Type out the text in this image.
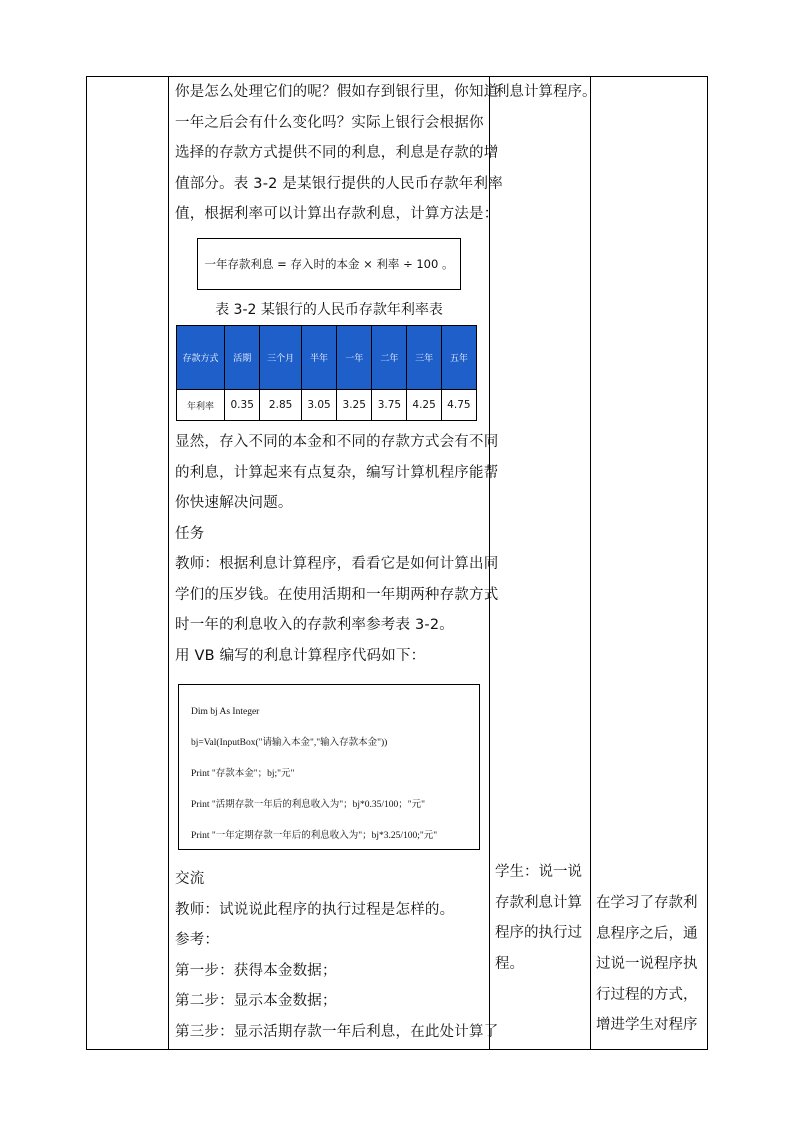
你是怎么处理它们的呢？假如存到银行里，你知道

一年之后会有什么变化吗？实际上银行会根据你

选择的存款方式提供不同的利息，利息是存款的增

值部分。表 3-2 是某银行提供的人民币存款年利率

值，根据利率可以计算出存款利息，计算方法是：

一年存款利息 = 存入时的本金 × 利率 ÷ 100 。
表 3-2 某银行的人民币存款年利率表
存款方式	活期	三个月	半年	一年	二年	三年	五年
年利率	0.35	2.85	3.05	3.25	3.75	4.25	4.75

显然，存入不同的本金和不同的存款方式会有不同

的利息，计算起来有点复杂，编写计算机程序能帮

你快速解决问题。

任务

教师：根据利息计算程序，看看它是如何计算出同

学们的压岁钱。在使用活期和一年期两种存款方式

时一年的利息收入的存款利率参考表 3-2。

用 VB 编写的利息计算程序代码如下：

Dim bj As Integer
bj=Val(InputBox("请输入本金","输入存款本金"))
Print "存款本金"；bj;"元"
Print "活期存款一年后的利息收入为"；bj*0.35/100；"元"
Print "一年定期存款一年后的利息收入为"；bj*3.25/100;"元"

交流

教师：试说说此程序的执行过程是怎样的。

参考：

第一步：获得本金数据；

第二步：显示本金数据；

第三步：显示活期存款一年后利息，在此处计算了

利息计算程序。
学生：说一说
存款利息计算
程序的执行过
程。
在学习了存款利
息程序之后，通
过说一说程序执
行过程的方式，
增进学生对程序
